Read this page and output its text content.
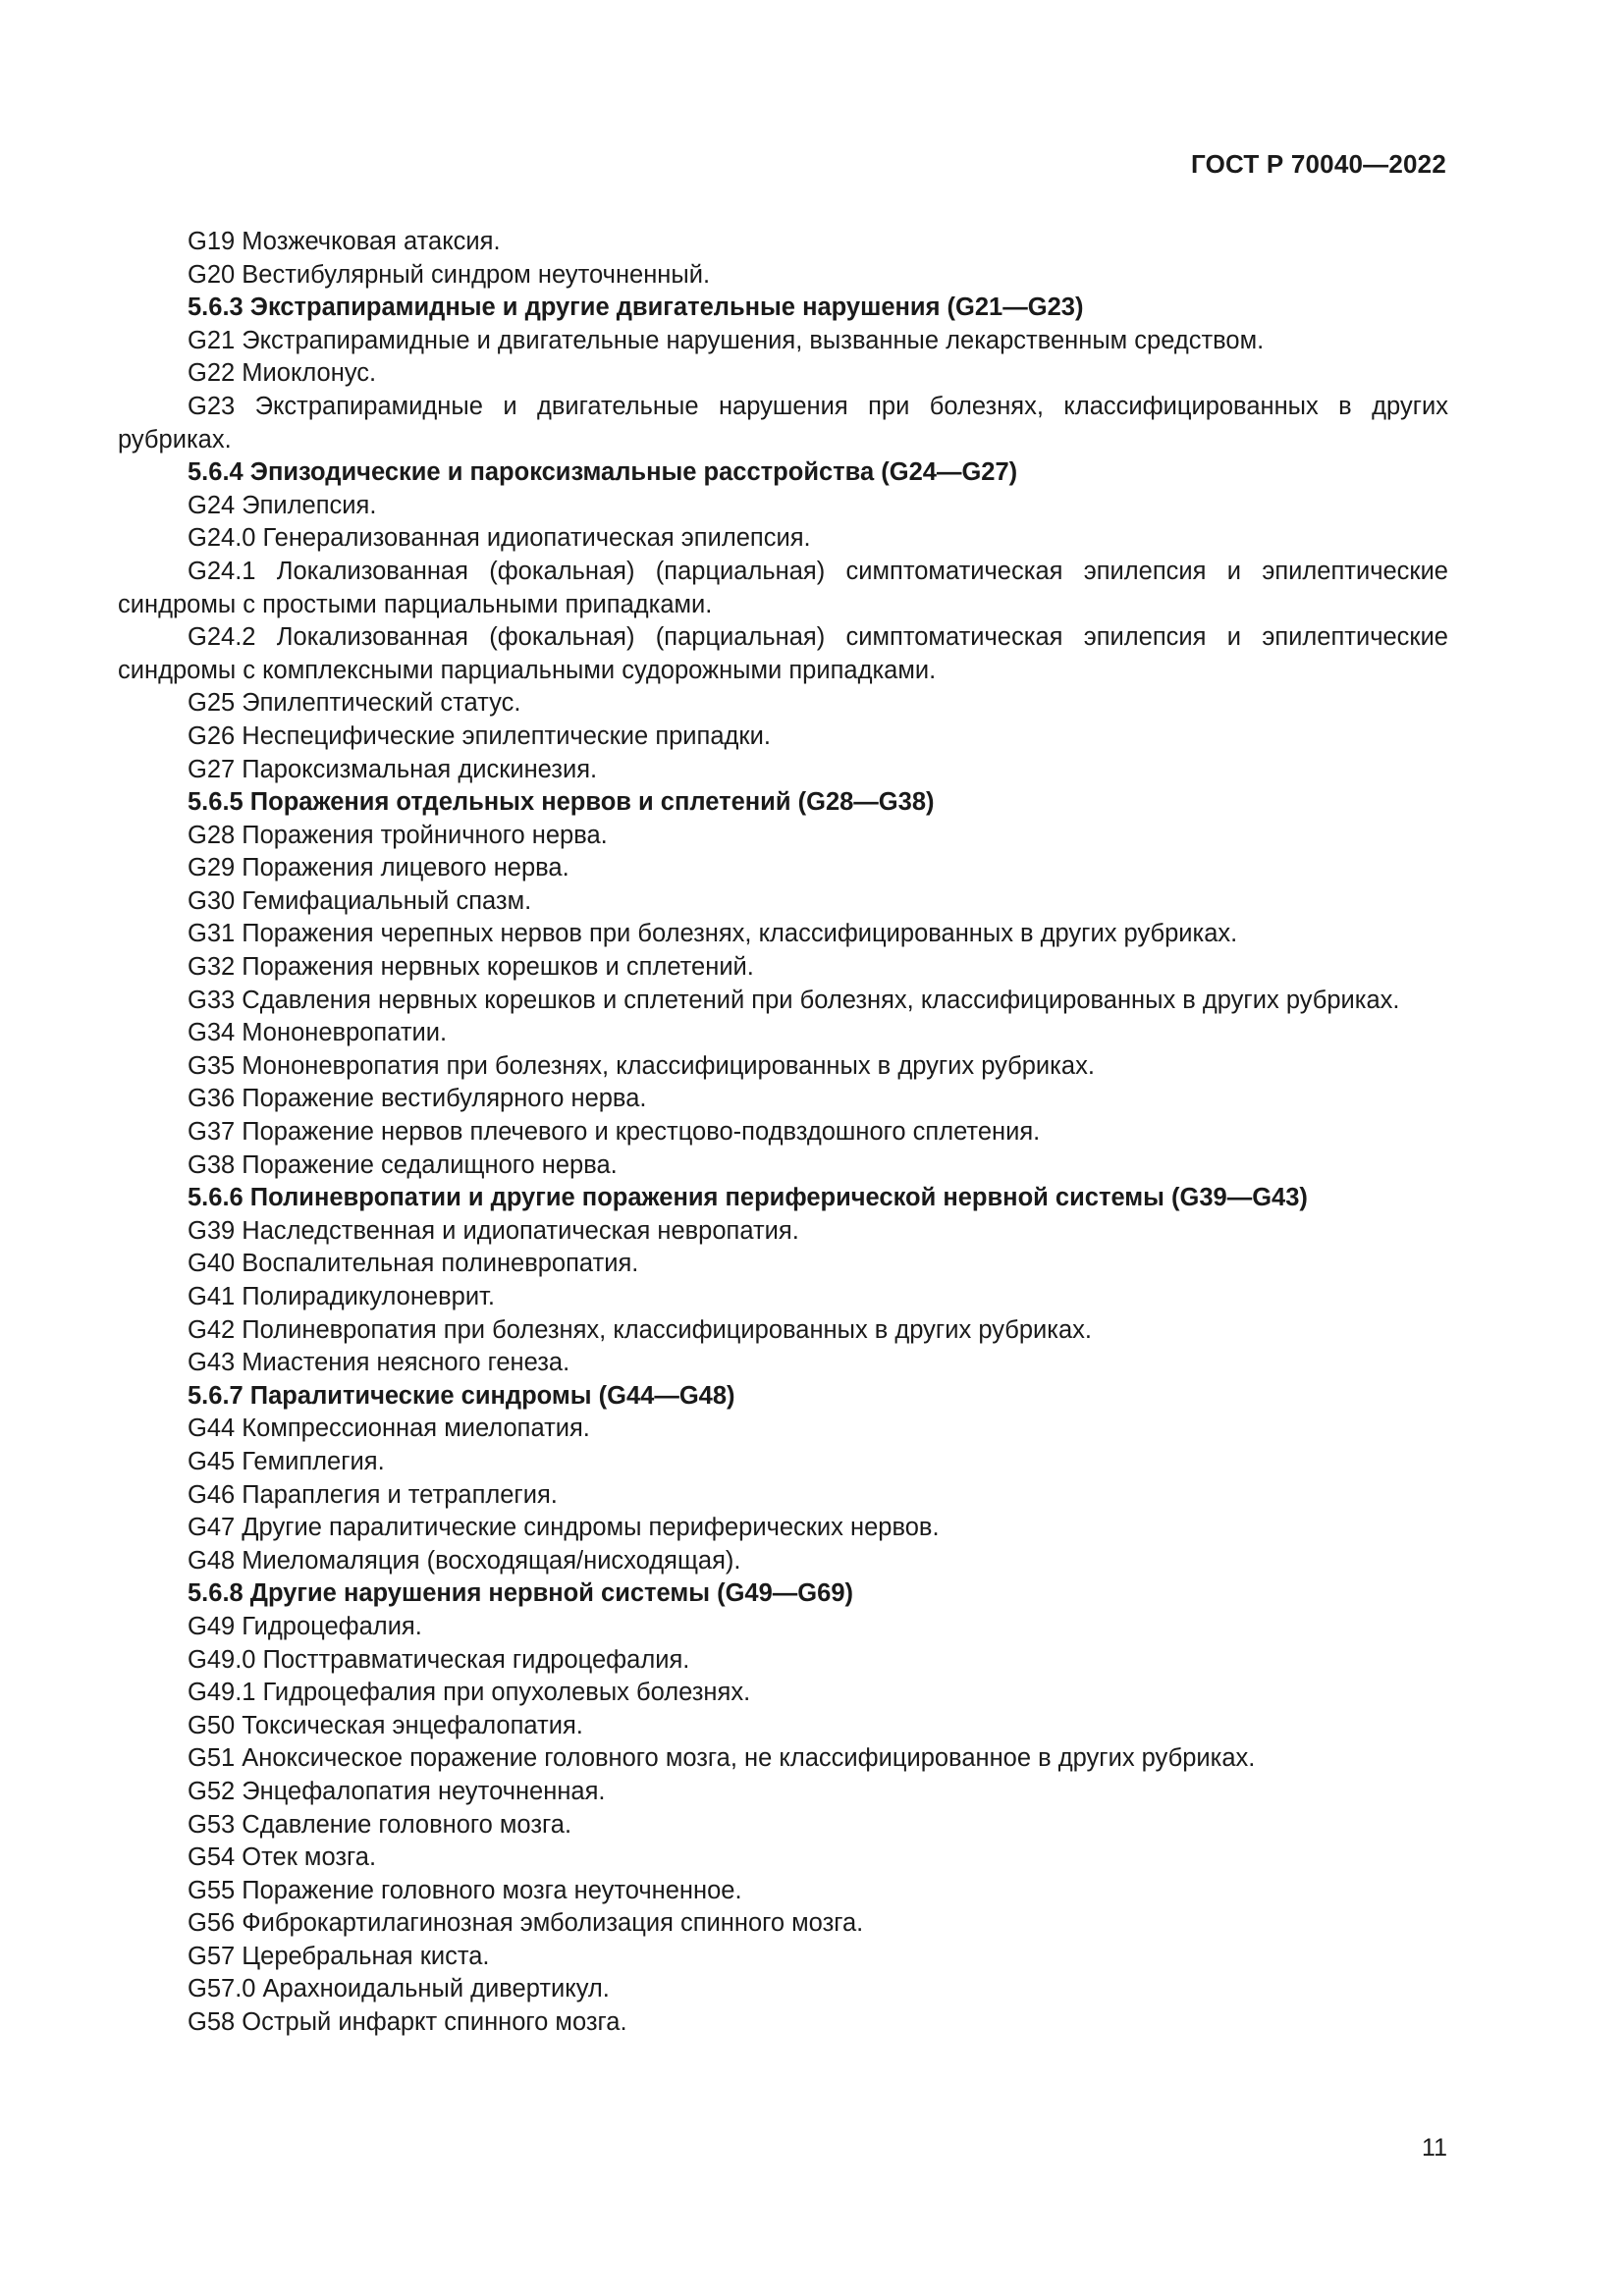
ГОСТ Р 70040—2022

G19 Мозжечковая атаксия.

G20 Вестибулярный синдром неуточненный.

5.6.3 Экстрапирамидные и другие двигательные нарушения (G21—G23)

G21 Экстрапирамидные и двигательные нарушения, вызванные лекарственным средством.

G22 Миоклонус.

G23 Экстрапирамидные и двигательные нарушения при болезнях, классифицированных в других рубриках.

5.6.4 Эпизодические и пароксизмальные расстройства (G24—G27)

G24 Эпилепсия.

G24.0 Генерализованная идиопатическая эпилепсия.

G24.1 Локализованная (фокальная) (парциальная) симптоматическая эпилепсия и эпилептические синдромы с простыми парциальными припадками.

G24.2 Локализованная (фокальная) (парциальная) симптоматическая эпилепсия и эпилептические синдромы с комплексными парциальными судорожными припадками.

G25 Эпилептический статус.

G26 Неспецифические эпилептические припадки.

G27 Пароксизмальная дискинезия.

5.6.5 Поражения отдельных нервов и сплетений (G28—G38)

G28 Поражения тройничного нерва.

G29 Поражения лицевого нерва.

G30 Гемифациальный спазм.

G31 Поражения черепных нервов при болезнях, классифицированных в других рубриках.

G32 Поражения нервных корешков и сплетений.

G33 Сдавления нервных корешков и сплетений при болезнях, классифицированных в других рубриках.

G34 Мононевропатии.

G35 Мононевропатия при болезнях, классифицированных в других рубриках.

G36 Поражение вестибулярного нерва.

G37 Поражение нервов плечевого и крестцово-подвздошного сплетения.

G38 Поражение седалищного нерва.

5.6.6 Полиневропатии и другие поражения периферической нервной системы (G39—G43)

G39 Наследственная и идиопатическая невропатия.

G40 Воспалительная полиневропатия.

G41 Полирадикулоневрит.

G42 Полиневропатия при болезнях, классифицированных в других рубриках.

G43 Миастения неясного генеза.

5.6.7 Паралитические синдромы (G44—G48)

G44 Компрессионная миелопатия.

G45 Гемиплегия.

G46 Параплегия и тетраплегия.

G47 Другие паралитические синдромы периферических нервов.

G48 Миеломаляция (восходящая/нисходящая).

5.6.8 Другие нарушения нервной системы (G49—G69)

G49 Гидроцефалия.

G49.0 Посттравматическая гидроцефалия.

G49.1 Гидроцефалия при опухолевых болезнях.

G50 Токсическая энцефалопатия.

G51 Аноксическое поражение головного мозга, не классифицированное в других рубриках.

G52 Энцефалопатия неуточненная.

G53 Сдавление головного мозга.

G54 Отек мозга.

G55 Поражение головного мозга неуточненное.

G56 Фиброкартилагинозная эмболизация спинного мозга.

G57 Церебральная киста.

G57.0 Арахноидальный дивертикул.

G58 Острый инфаркт спинного мозга.

11
